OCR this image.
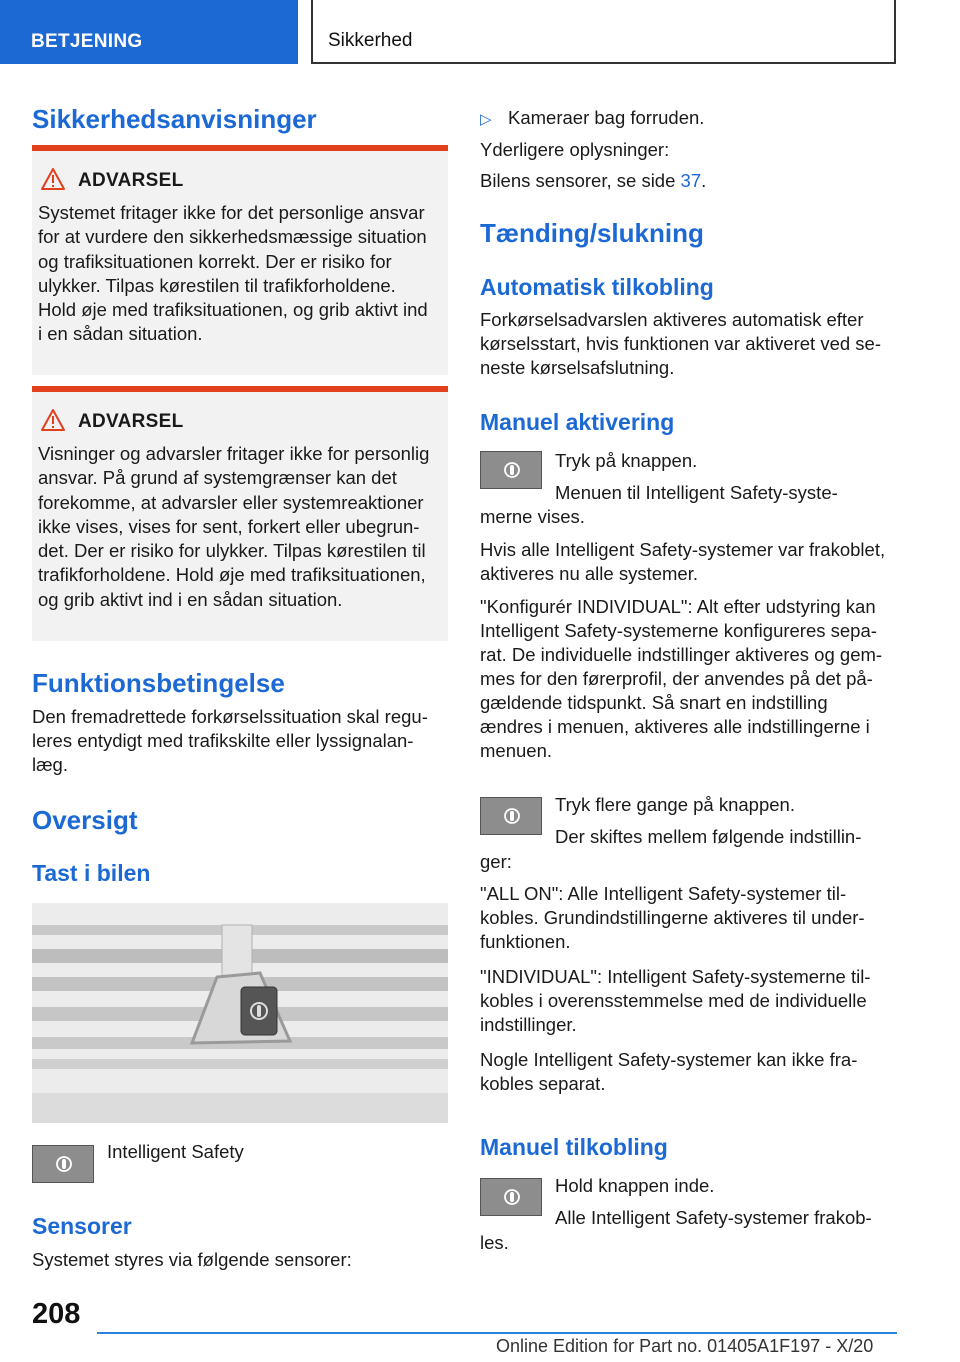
BETJENING	Sikkerhed
Sikkerhedsanvisninger
ADVARSEL
Systemet fritager ikke for det personlige ansvar
for at vurdere den sikkerhedsmæssige situation
og trafiksituationen korrekt. Der er risiko for
ulykker. Tilpas kørestilen til trafikforholdene.
Hold øje med trafiksituationen, og grib aktivt ind
i en sådan situation.
ADVARSEL
Visninger og advarsler fritager ikke for personlig
ansvar. På grund af systemgrænser kan det
forekomme, at advarsler eller systemreaktioner
ikke vises, vises for sent, forkert eller ubegrun-
det. Der er risiko for ulykker. Tilpas kørestilen til
trafikforholdene. Hold øje med trafiksituationen,
og grib aktivt ind i en sådan situation.
Funktionsbetingelse
Den fremadrettede forkørselssituation skal regu-
leres entydigt med trafikskilte eller lyssignalan-
læg.
Oversigt
Tast i bilen
Intelligent Safety
Sensorer
Systemet styres via følgende sensorer:
▷ Kameraer bag forruden.
Yderligere oplysninger:
Bilens sensorer, se side 37.
Tænding/slukning
Automatisk tilkobling
Forkørselsadvarslen aktiveres automatisk efter
kørselsstart, hvis funktionen var aktiveret ved se-
neste kørselsafslutning.
Manuel aktivering
Tryk på knappen.
Menuen til Intelligent Safety-syste-
merne vises.
Hvis alle Intelligent Safety-systemer var frakoblet,
aktiveres nu alle systemer.
"Konfigurér INDIVIDUAL": Alt efter udstyring kan
Intelligent Safety-systemerne konfigureres sepa-
rat. De individuelle indstillinger aktiveres og gem-
mes for den førerprofil, der anvendes på det på-
gældende tidspunkt. Så snart en indstilling
ændres i menuen, aktiveres alle indstillingerne i
menuen.
Tryk flere gange på knappen.
Der skiftes mellem følgende indstillin-
ger:
"ALL ON": Alle Intelligent Safety-systemer til-
kobles. Grundindstillingerne aktiveres til under-
funktionen.
"INDIVIDUAL": Intelligent Safety-systemerne til-
kobles i overensstemmelse med de individuelle
indstillinger.
Nogle Intelligent Safety-systemer kan ikke fra-
kobles separat.
Manuel tilkobling
Hold knappen inde.
Alle Intelligent Safety-systemer frakob-
les.
208
Online Edition for Part no. 01405A1F197 - X/20
